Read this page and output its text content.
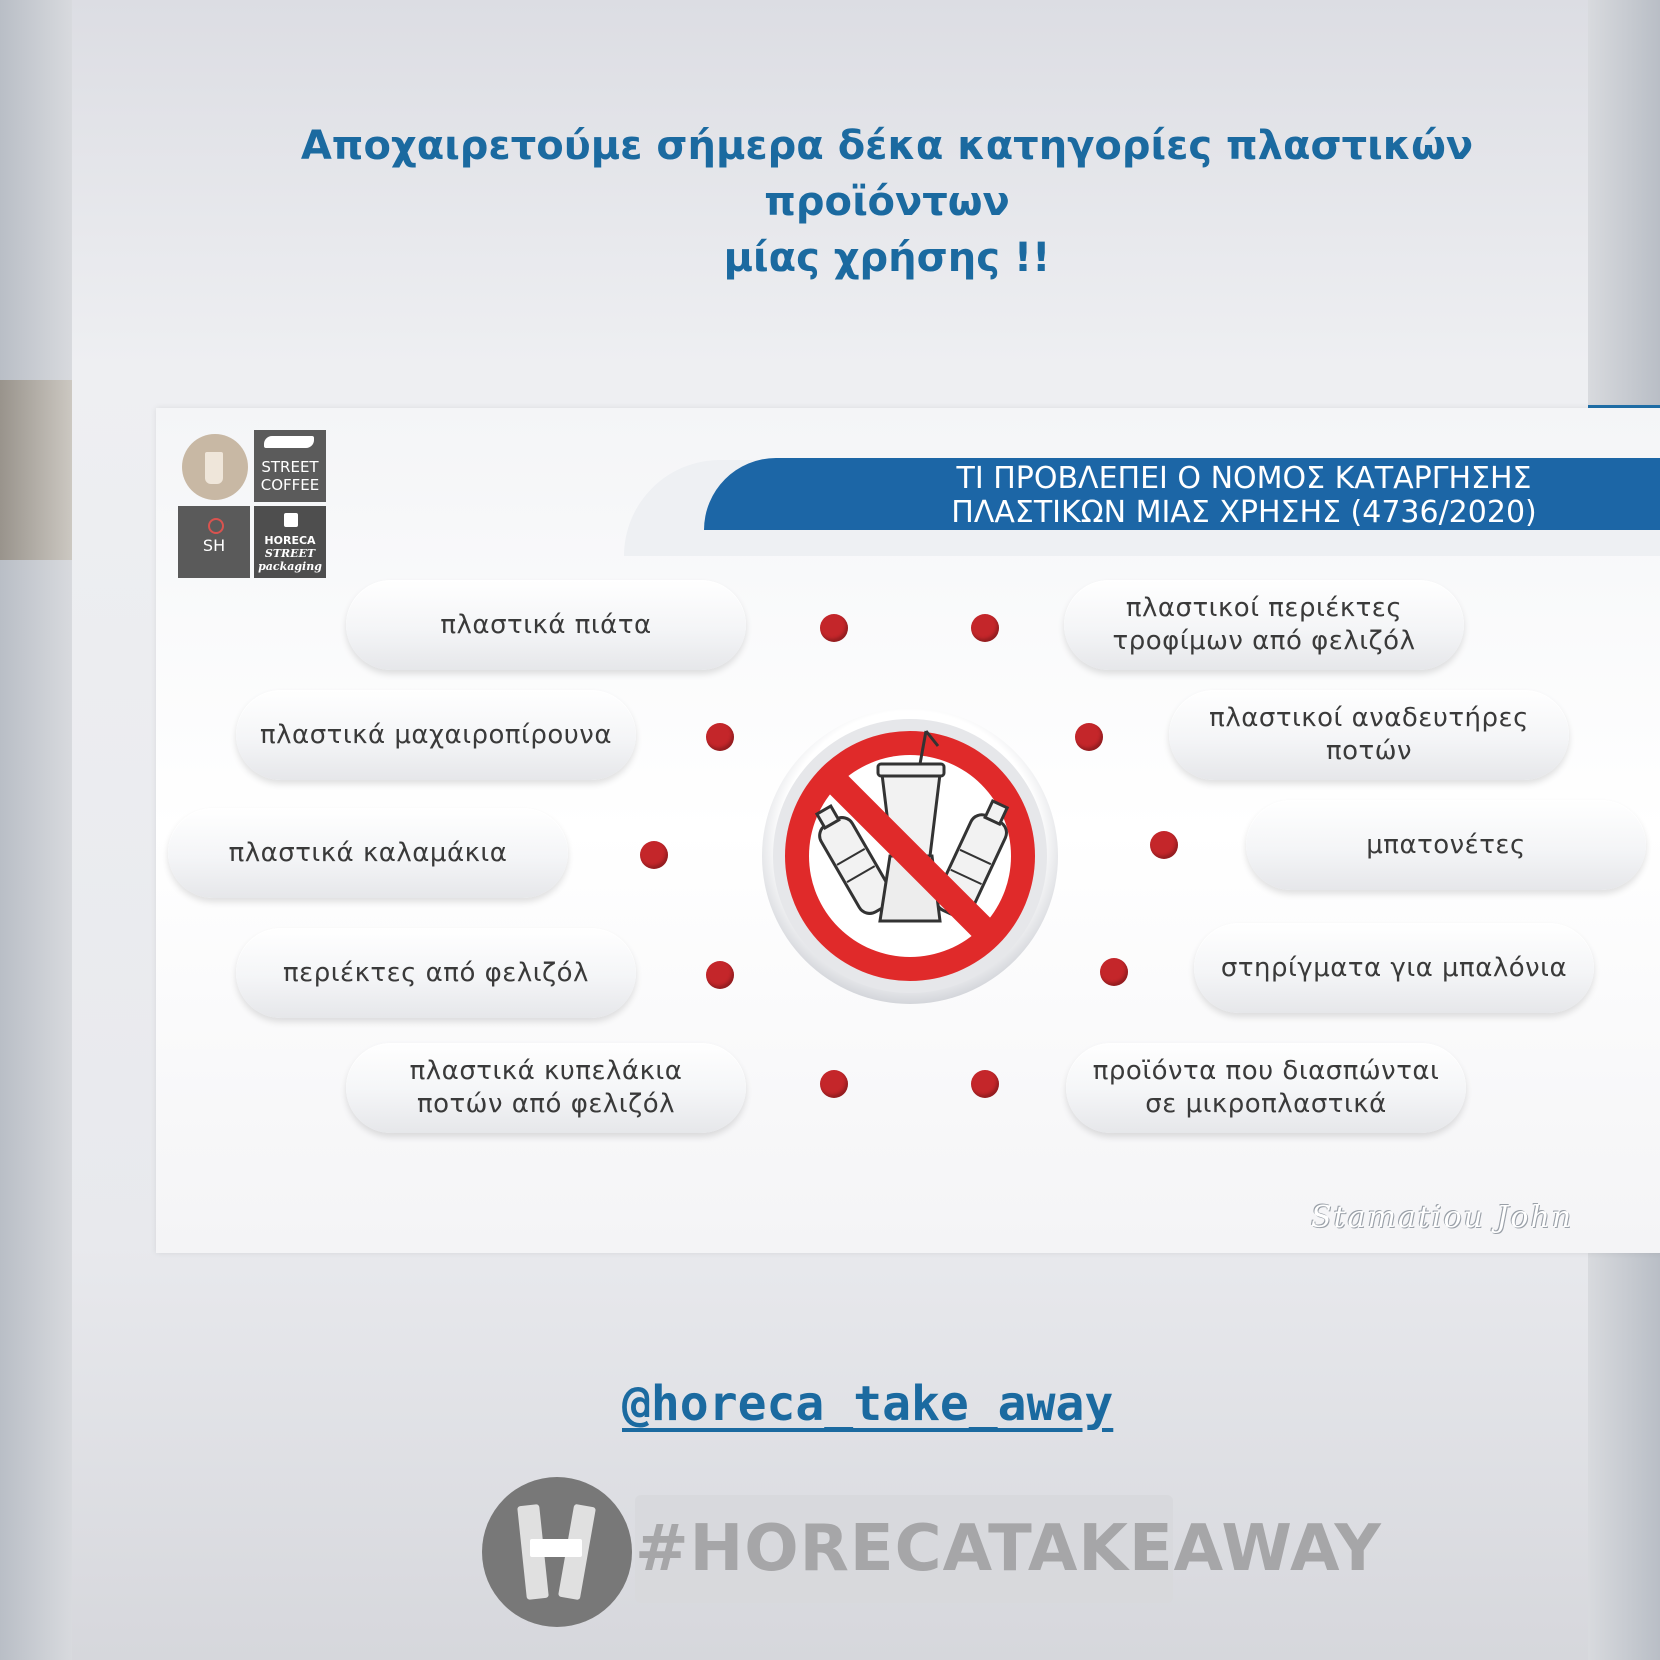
Αποχαιρετούμε σήμερα δέκα κατηγορίες πλαστικών προϊόντων
μίας χρήσης !!
ΤΙ ΠΡΟΒΛΕΠΕΙ Ο ΝΟΜΟΣ ΚΑΤΑΡΓΗΣΗΣ
ΠΛΑΣΤΙΚΩΝ ΜΙΑΣ ΧΡΗΣΗΣ (4736/2020)
STREET
COFFEE
SH	HORECA
STREET
packaging
πλαστικά πιάτα
πλαστικά μαχαιροπίρουνα
πλαστικά καλαμάκια
περιέκτες από φελιζόλ
πλαστικά κυπελάκια
ποτών από φελιζόλ
πλαστικοί περιέκτες
τροφίμων από φελιζόλ
πλαστικοί αναδευτήρες
ποτών
μπατονέτες
στηρίγματα για μπαλόνια
προϊόντα που διασπώνται
σε μικροπλαστικά
Stamatiou John
@horeca_take_away
#HORECATAKEAWAY
